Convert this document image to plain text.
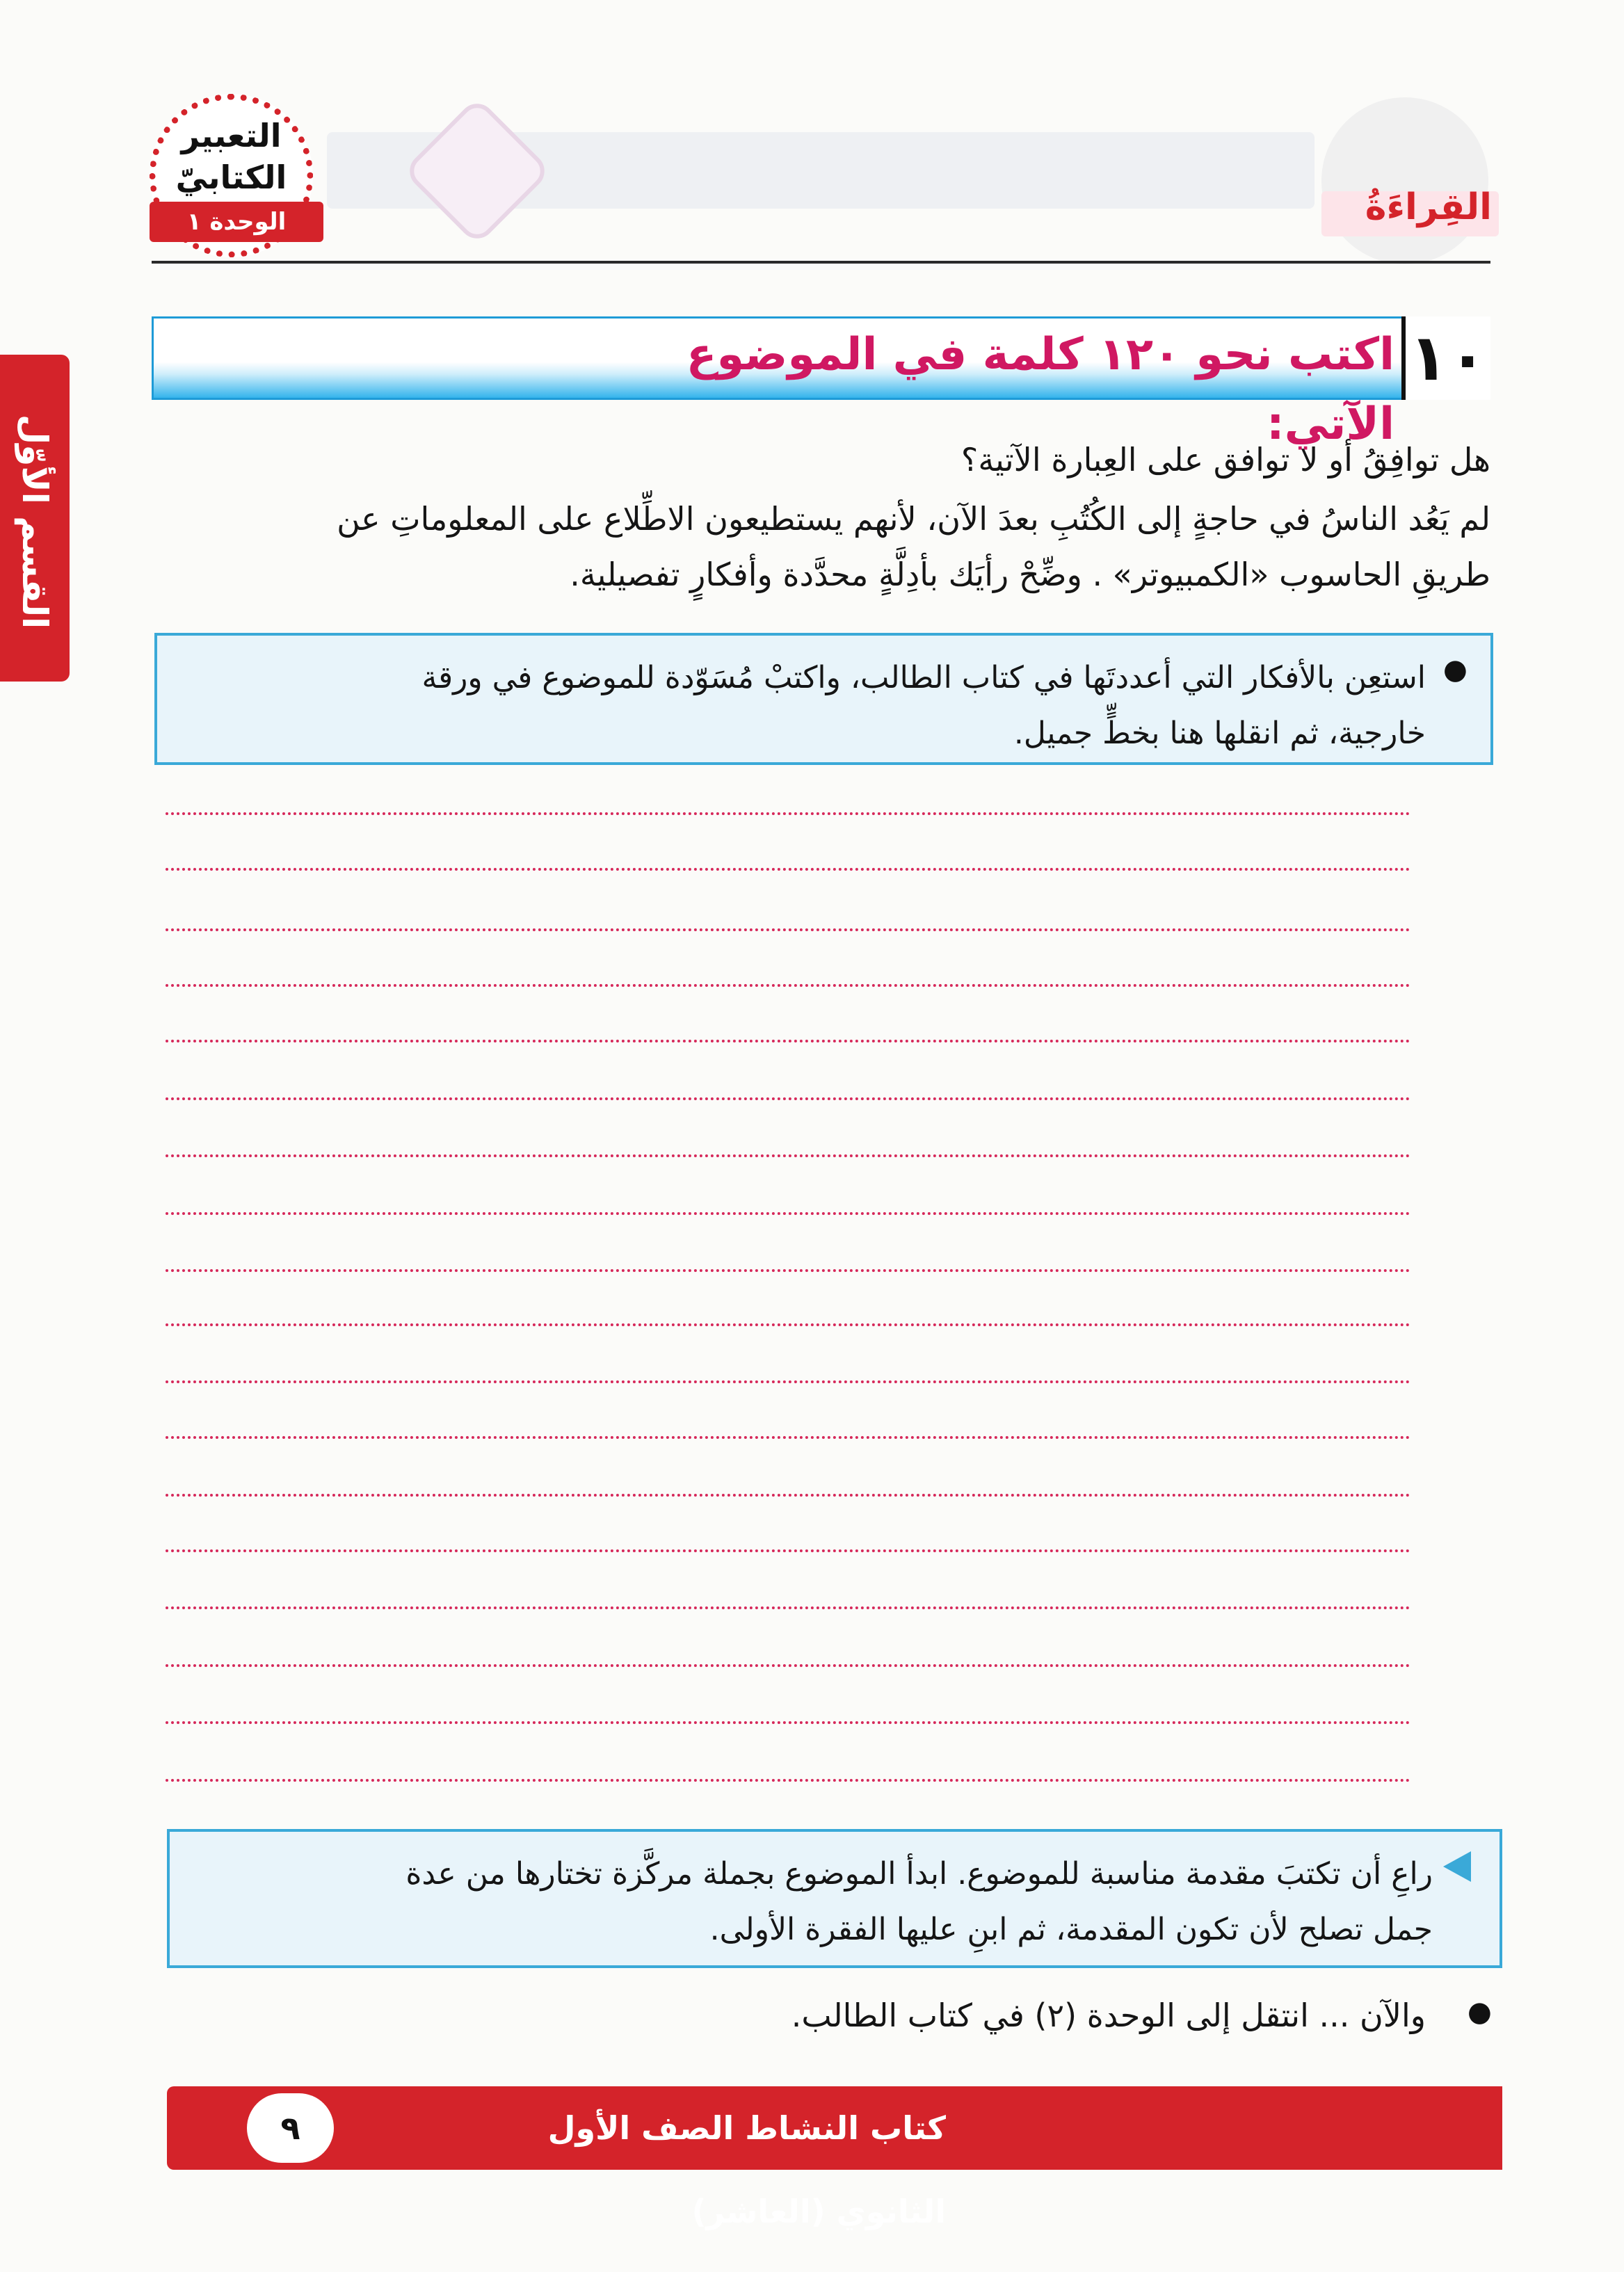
القِراءَةُ
التعبير
الكتابيّ
الوحدة ١
القسم الأوّل
اكتب نحو ١٢٠ كلمة في الموضوع الآتي:
١٠
هل توافِقُ أو لا توافق على العِبارة الآتية؟
لم يَعُد الناسُ في حاجةٍ إلى الكُتُبِ بعدَ الآن، لأنهم يستطيعون الاطِّلاع على المعلوماتِ عن
طريقِ الحاسوب «الكمبيوتر» . وضِّحْ رأيَك بأدِلَّةٍ محدَّدة وأفكارٍ تفصيلية.
●
استعِن بالأفكار التي أعددتَها في كتاب الطالب، واكتبْ مُسَوّدة للموضوع في ورقة
خارجية، ثم انقلها هنا بخطٍّ جميل.
راعِ أن تكتبَ مقدمة مناسبة للموضوع. ابدأ الموضوع بجملة مركَّزة تختارها من عدة
جمل تصلح لأن تكون المقدمة، ثم ابنِ عليها الفقرة الأولى.
●
والآن ... انتقل إلى الوحدة (٢) في كتاب الطالب.
كتاب النشاط الصف الأول الثانوي (العاشر)
٩
